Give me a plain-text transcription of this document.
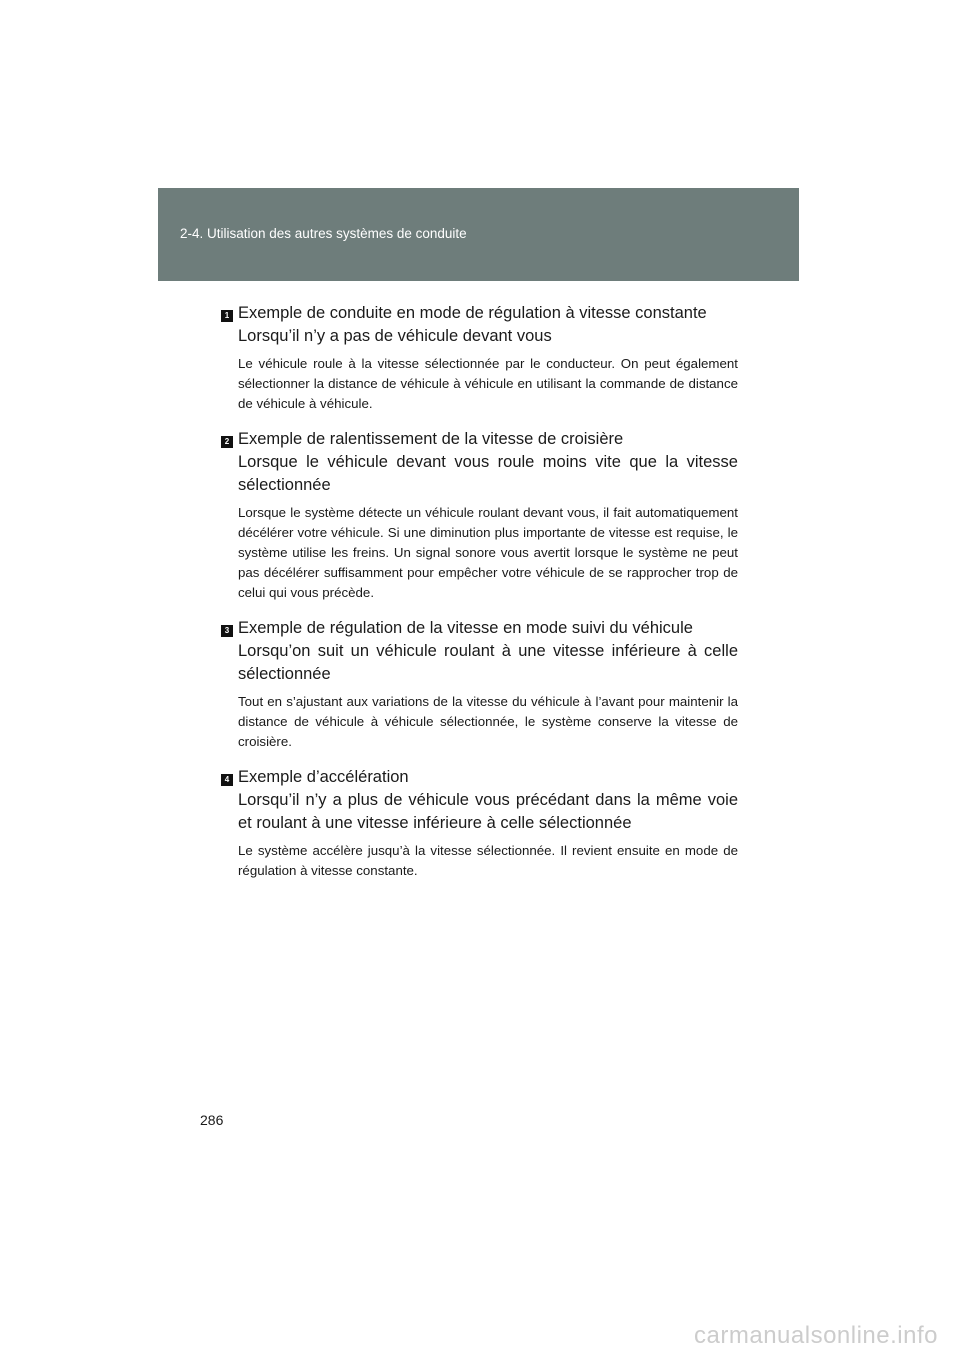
2-4. Utilisation des autres systèmes de conduite
1 Exemple de conduite en mode de régulation à vitesse constante

Lorsqu’il n’y a pas de véhicule devant vous

Le véhicule roule à la vitesse sélectionnée par le conducteur. On peut également sélectionner la distance de véhicule à véhicule en utilisant la commande de distance de véhicule à véhicule.

2 Exemple de ralentissement de la vitesse de croisière

Lorsque le véhicule devant vous roule moins vite que la vitesse sélectionnée

Lorsque le système détecte un véhicule roulant devant vous, il fait automatiquement décélérer votre véhicule. Si une diminution plus importante de vitesse est requise, le système utilise les freins. Un signal sonore vous avertit lorsque le système ne peut pas décélérer suffisamment pour empêcher votre véhicule de se rapprocher trop de celui qui vous précède.

3 Exemple de régulation de la vitesse en mode suivi du véhicule

Lorsqu’on suit un véhicule roulant à une vitesse inférieure à celle sélectionnée

Tout en s’ajustant aux variations de la vitesse du véhicule à l’avant pour maintenir la distance de véhicule à véhicule sélectionnée, le système conserve la vitesse de croisière.

4 Exemple d’accélération

Lorsqu’il n’y a plus de véhicule vous précédant dans la même voie et roulant à une vitesse inférieure à celle sélectionnée

Le système accélère jusqu’à la vitesse sélectionnée. Il revient ensuite en mode de régulation à vitesse constante.

286
carmanualsonline.info
